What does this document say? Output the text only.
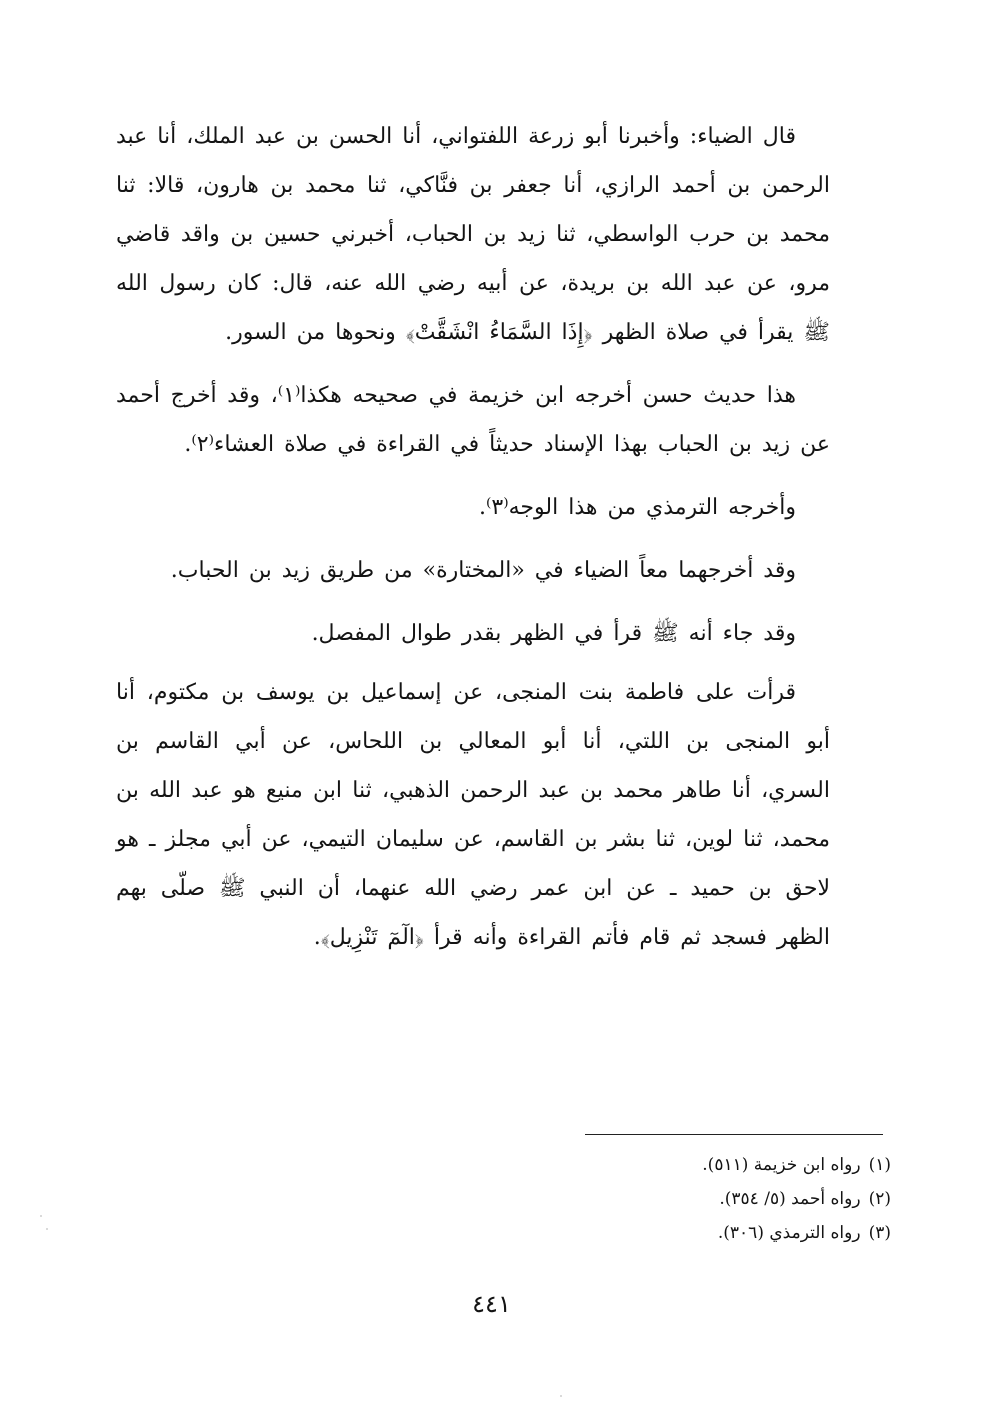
قال الضياء: وأخبرنا أبو زرعة اللفتواني، أنا الحسن بن عبد الملك، أنا عبد الرحمن بن أحمد الرازي، أنا جعفر بن فنَّاكي، ثنا محمد بن هارون، قالا: ثنا محمد بن حرب الواسطي، ثنا زيد بن الحباب، أخبرني حسين بن واقد قاضي مرو، عن عبد الله بن بريدة، عن أبيه رضي الله عنه، قال: كان رسول الله ﷺ يقرأ في صلاة الظهر ﴿إِذَا السَّمَاءُ انْشَقَّتْ﴾ ونحوها من السور.

هذا حديث حسن أخرجه ابن خزيمة في صحيحه هكذا⁽١⁾، وقد أخرج أحمد عن زيد بن الحباب بهذا الإسناد حديثاً في القراءة في صلاة العشاء⁽٢⁾.

وأخرجه الترمذي من هذا الوجه⁽٣⁾.

وقد أخرجهما معاً الضياء في «المختارة» من طريق زيد بن الحباب.

وقد جاء أنه ﷺ قرأ في الظهر بقدر طوال المفصل.

قرأت على فاطمة بنت المنجى، عن إسماعيل بن يوسف بن مكتوم، أنا أبو المنجى بن اللتي، أنا أبو المعالي بن اللحاس، عن أبي القاسم بن السري، أنا طاهر محمد بن عبد الرحمن الذهبي، ثنا ابن منيع هو عبد الله بن محمد، ثنا لوين، ثنا بشر بن القاسم، عن سليمان التيمي، عن أبي مجلز ـ هو لاحق بن حميد ـ عن ابن عمر رضي الله عنهما، أن النبي ﷺ صلّى بهم الظهر فسجد ثم قام فأتم القراءة وأنه قرأ ﴿الٓمٓ تَنْزِيل﴾.

(١)رواه ابن خزيمة (٥١١).
(٢)رواه أحمد (٥/ ٣٥٤).
(٣)رواه الترمذي (٣٠٦).
٤٤١
